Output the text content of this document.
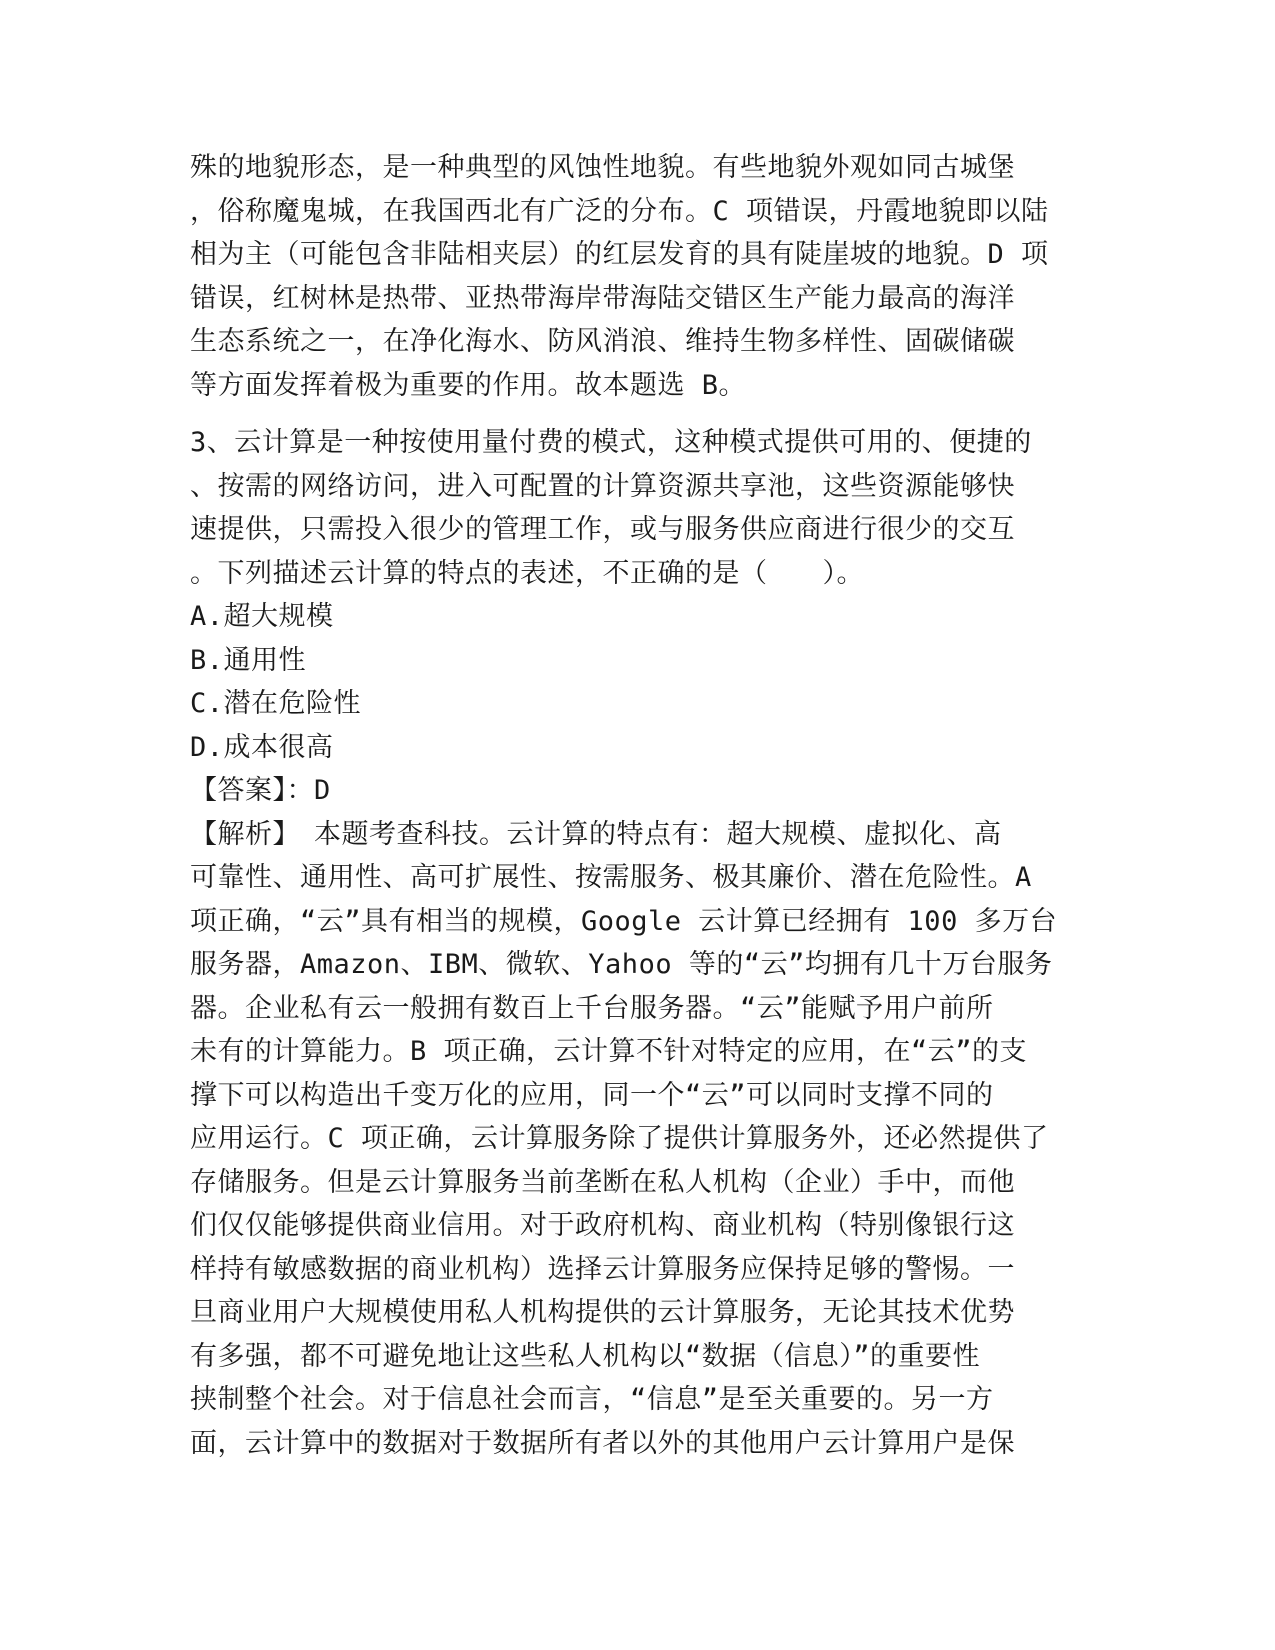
殊的地貌形态，是一种典型的风蚀性地貌。有些地貌外观如同古城堡
，俗称魔鬼城，在我国西北有广泛的分布。C 项错误，丹霞地貌即以陆
相为主（可能包含非陆相夹层）的红层发育的具有陡崖坡的地貌。D 项
错误，红树林是热带、亚热带海岸带海陆交错区生产能力最高的海洋
生态系统之一，在净化海水、防风消浪、维持生物多样性、固碳储碳
等方面发挥着极为重要的作用。故本题选 B。
3、云计算是一种按使用量付费的模式，这种模式提供可用的、便捷的
、按需的网络访问，进入可配置的计算资源共享池，这些资源能够快
速提供，只需投入很少的管理工作，或与服务供应商进行很少的交互
。下列描述云计算的特点的表述，不正确的是（　　）。
A.超大规模
B.通用性
C.潜在危险性
D.成本很高
【答案】：D
【解析】　本题考查科技。云计算的特点有：超大规模、虚拟化、高
可靠性、通用性、高可扩展性、按需服务、极其廉价、潜在危险性。A
项正确，“云”具有相当的规模，Google 云计算已经拥有 100 多万台
服务器，Amazon、IBM、微软、Yahoo 等的“云”均拥有几十万台服务
器。企业私有云一般拥有数百上千台服务器。“云”能赋予用户前所
未有的计算能力。B 项正确，云计算不针对特定的应用，在“云”的支
撑下可以构造出千变万化的应用，同一个“云”可以同时支撑不同的
应用运行。C 项正确，云计算服务除了提供计算服务外，还必然提供了
存储服务。但是云计算服务当前垄断在私人机构（企业）手中，而他
们仅仅能够提供商业信用。对于政府机构、商业机构（特别像银行这
样持有敏感数据的商业机构）选择云计算服务应保持足够的警惕。一
旦商业用户大规模使用私人机构提供的云计算服务，无论其技术优势
有多强，都不可避免地让这些私人机构以“数据（信息）”的重要性
挟制整个社会。对于信息社会而言，“信息”是至关重要的。另一方
面，云计算中的数据对于数据所有者以外的其他用户云计算用户是保
